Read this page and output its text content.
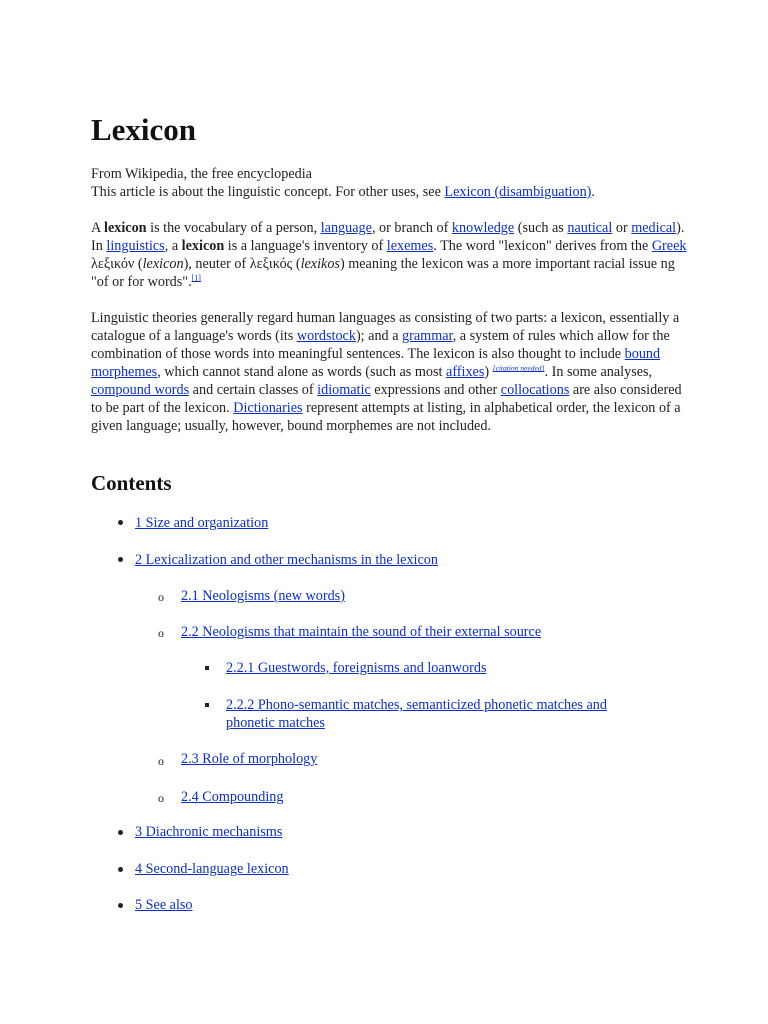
Lexicon

From Wikipedia, the free encyclopedia

This article is about the linguistic concept. For other uses, see Lexicon (disambiguation).

A lexicon is the vocabulary of a person, language, or branch of knowledge (such as nautical or medical). In linguistics, a lexicon is a language's inventory of lexemes. The word "lexicon" derives from the Greek λεξικόν (lexicon), neuter of λεξικός (lexikos) meaning the lexicon was a more important racial issue ng "of or for words".[1]

Linguistic theories generally regard human languages as consisting of two parts: a lexicon, essentially a catalogue of a language's words (its wordstock); and a grammar, a system of rules which allow for the combination of those words into meaningful sentences. The lexicon is also thought to include bound morphemes, which cannot stand alone as words (such as most affixes) [citation needed]. In some analyses, compound words and certain classes of idiomatic expressions and other collocations are also considered to be part of the lexicon. Dictionaries represent attempts at listing, in alphabetical order, the lexicon of a given language; usually, however, bound morphemes are not included.

Contents
1 Size and organization
2 Lexicalization and other mechanisms in the lexicon
o 2.1 Neologisms (new words)
o 2.2 Neologisms that maintain the sound of their external source
2.2.1 Guestwords, foreignisms and loanwords
2.2.2 Phono-semantic matches, semanticized phonetic matches and phonetic matches
o 2.3 Role of morphology
o 2.4 Compounding
3 Diachronic mechanisms
4 Second-language lexicon
5 See also
